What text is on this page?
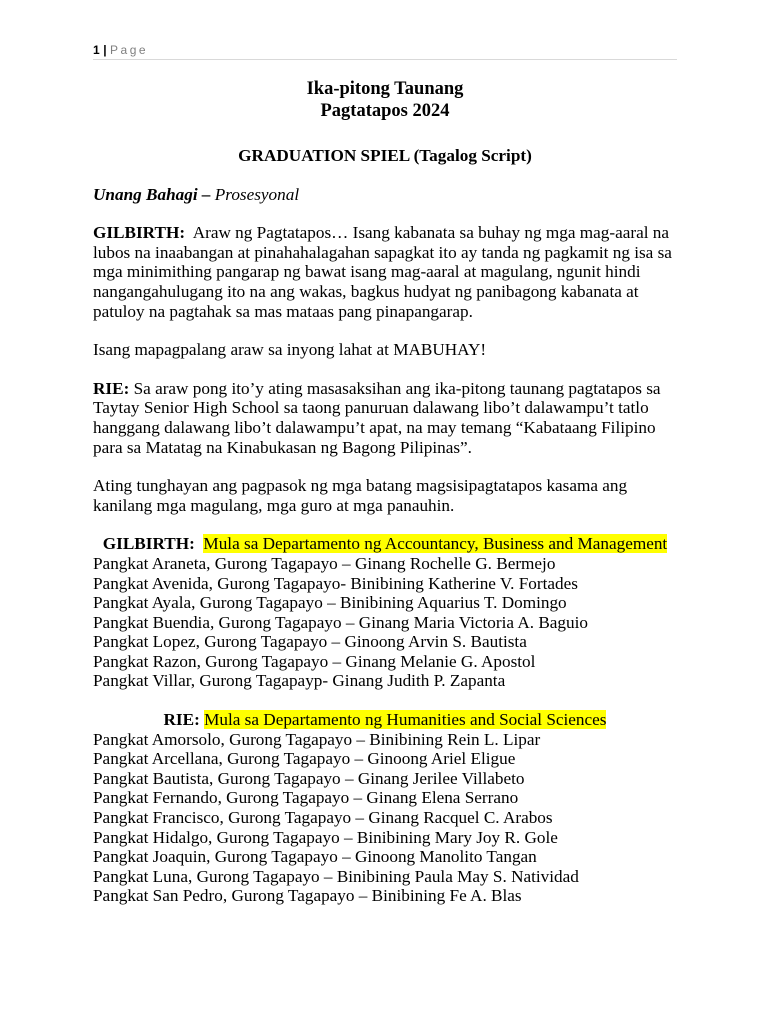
1 | Page
Ika-pitong Taunang
Pagtatapos 2024
GRADUATION SPIEL (Tagalog Script)
Unang Bahagi – Prosesyonal
GILBIRTH: Araw ng Pagtatapos… Isang kabanata sa buhay ng mga mag-aaral na lubos na inaabangan at pinahahalagahan sapagkat ito ay tanda ng pagkamit ng isa sa mga minimithing pangarap ng bawat isang mag-aaral at magulang, ngunit hindi nangangahulugang ito na ang wakas, bagkus hudyat ng panibagong kabanata at patuloy na pagtahak sa mas mataas pang pinapangarap.
Isang mapagpalang araw sa inyong lahat at MABUHAY!
RIE: Sa araw pong ito’y ating masasaksihan ang ika-pitong taunang pagtatapos sa Taytay Senior High School sa taong panuruan dalawang libo’t dalawampu’t tatlo hanggang dalawang libo’t dalawampu’t apat, na may temang “Kabataang Filipino para sa Matatag na Kinabukasan ng Bagong Pilipinas”.
Ating tunghayan ang pagpasok ng mga batang magsisipagtatapos kasama ang kanilang mga magulang, mga guro at mga panauhin.
GILBIRTH: Mula sa Departamento ng Accountancy, Business and Management
Pangkat Araneta, Gurong Tagapayo – Ginang Rochelle G. Bermejo
Pangkat Avenida, Gurong Tagapayo- Binibining Katherine V. Fortades
Pangkat Ayala, Gurong Tagapayo – Binibining Aquarius T. Domingo
Pangkat Buendia, Gurong Tagapayo – Ginang Maria Victoria A. Baguio
Pangkat Lopez, Gurong Tagapayo – Ginoong Arvin S. Bautista
Pangkat Razon, Gurong Tagapayo – Ginang Melanie G. Apostol
Pangkat Villar, Gurong Tagapayp- Ginang Judith P. Zapanta
RIE: Mula sa Departamento ng Humanities and Social Sciences
Pangkat Amorsolo, Gurong Tagapayo – Binibining Rein L. Lipar
Pangkat Arcellana, Gurong Tagapayo – Ginoong Ariel Eligue
Pangkat Bautista, Gurong Tagapayo – Ginang Jerilee Villabeto
Pangkat Fernando, Gurong Tagapayo – Ginang Elena Serrano
Pangkat Francisco, Gurong Tagapayo – Ginang Racquel C. Arabos
Pangkat Hidalgo, Gurong Tagapayo – Binibining Mary Joy R. Gole
Pangkat Joaquin, Gurong Tagapayo – Ginoong Manolito Tangan
Pangkat Luna, Gurong Tagapayo – Binibining Paula May S. Natividad
Pangkat San Pedro, Gurong Tagapayo – Binibining Fe A. Blas
